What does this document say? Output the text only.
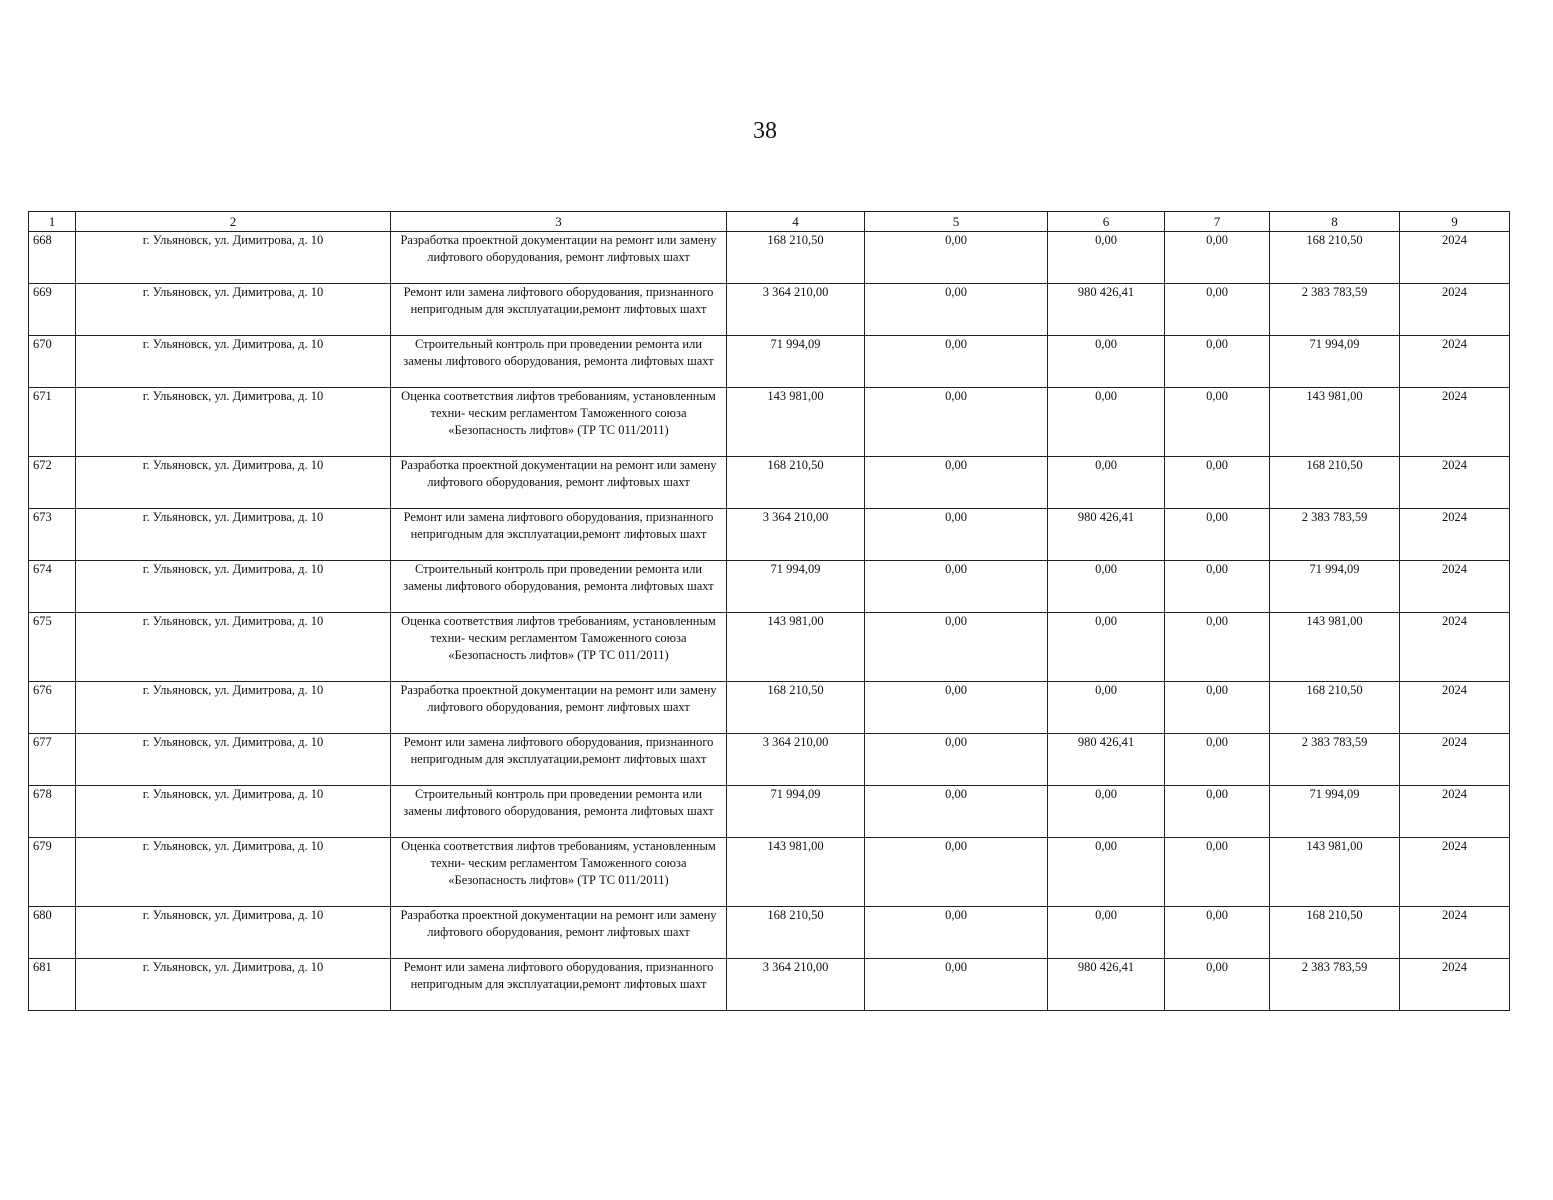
38
1	2	3	4	5	6	7	8	9
668	г. Ульяновск, ул. Димитрова, д. 10	Разработка проектной документации на ремонт или замену лифтового оборудования, ремонт лифтовых шахт	168 210,50	0,00	0,00	0,00	168 210,50	2024
669	г. Ульяновск, ул. Димитрова, д. 10	Ремонт или замена лифтового оборудования, признанного непригодным для эксплуатации,ремонт лифтовых шахт	3 364 210,00	0,00	980 426,41	0,00	2 383 783,59	2024
670	г. Ульяновск, ул. Димитрова, д. 10	Строительный контроль при проведении ремонта или замены лифтового оборудования, ремонта лифтовых шахт	71 994,09	0,00	0,00	0,00	71 994,09	2024
671	г. Ульяновск, ул. Димитрова, д. 10	Оценка соответствия лифтов требованиям, установленным техни- ческим регламентом Таможенного союза «Безопасность лифтов» (ТР ТС 011/2011)	143 981,00	0,00	0,00	0,00	143 981,00	2024
672	г. Ульяновск, ул. Димитрова, д. 10	Разработка проектной документации на ремонт или замену лифтового оборудования, ремонт лифтовых шахт	168 210,50	0,00	0,00	0,00	168 210,50	2024
673	г. Ульяновск, ул. Димитрова, д. 10	Ремонт или замена лифтового оборудования, признанного непригодным для эксплуатации,ремонт лифтовых шахт	3 364 210,00	0,00	980 426,41	0,00	2 383 783,59	2024
674	г. Ульяновск, ул. Димитрова, д. 10	Строительный контроль при проведении ремонта или замены лифтового оборудования, ремонта лифтовых шахт	71 994,09	0,00	0,00	0,00	71 994,09	2024
675	г. Ульяновск, ул. Димитрова, д. 10	Оценка соответствия лифтов требованиям, установленным техни- ческим регламентом Таможенного союза «Безопасность лифтов» (ТР ТС 011/2011)	143 981,00	0,00	0,00	0,00	143 981,00	2024
676	г. Ульяновск, ул. Димитрова, д. 10	Разработка проектной документации на ремонт или замену лифтового оборудования, ремонт лифтовых шахт	168 210,50	0,00	0,00	0,00	168 210,50	2024
677	г. Ульяновск, ул. Димитрова, д. 10	Ремонт или замена лифтового оборудования, признанного непригодным для эксплуатации,ремонт лифтовых шахт	3 364 210,00	0,00	980 426,41	0,00	2 383 783,59	2024
678	г. Ульяновск, ул. Димитрова, д. 10	Строительный контроль при проведении ремонта или замены лифтового оборудования, ремонта лифтовых шахт	71 994,09	0,00	0,00	0,00	71 994,09	2024
679	г. Ульяновск, ул. Димитрова, д. 10	Оценка соответствия лифтов требованиям, установленным техни- ческим регламентом Таможенного союза «Безопасность лифтов» (ТР ТС 011/2011)	143 981,00	0,00	0,00	0,00	143 981,00	2024
680	г. Ульяновск, ул. Димитрова, д. 10	Разработка проектной документации на ремонт или замену лифтового оборудования, ремонт лифтовых шахт	168 210,50	0,00	0,00	0,00	168 210,50	2024
681	г. Ульяновск, ул. Димитрова, д. 10	Ремонт или замена лифтового оборудования, признанного непригодным для эксплуатации,ремонт лифтовых шахт	3 364 210,00	0,00	980 426,41	0,00	2 383 783,59	2024
